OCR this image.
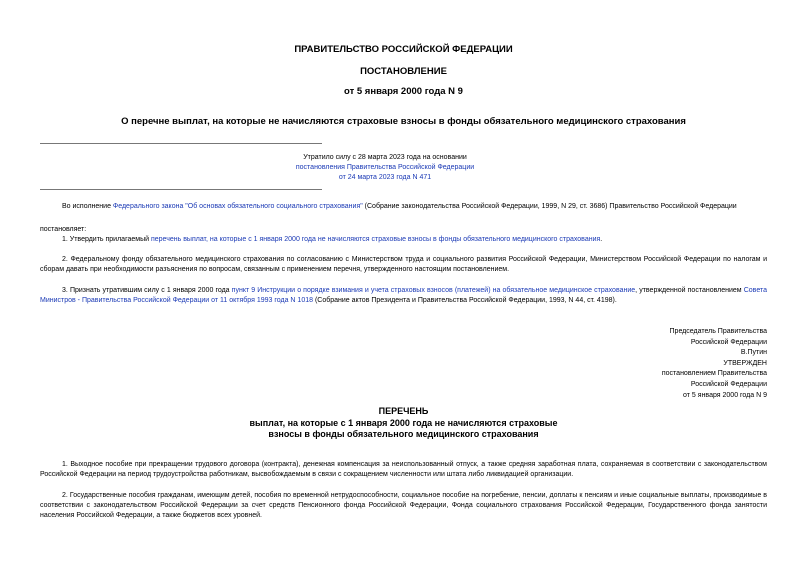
ПРАВИТЕЛЬСТВО РОССИЙСКОЙ ФЕДЕРАЦИИ
ПОСТАНОВЛЕНИЕ
от 5 января 2000 года N 9
О перечне выплат, на которые не начисляются страховые взносы в фонды обязательного медицинского страхования
Утратило силу с 28 марта 2023 года на основании
постановления Правительства Российской Федерации
от 24 марта 2023 года N 471
Во исполнение Федерального закона "Об основах обязательного социального страхования" (Собрание законодательства Российской Федерации, 1999, N 29, ст. 3686) Правительство Российской Федерации
постановляет:
1. Утвердить прилагаемый перечень выплат, на которые с 1 января 2000 года не начисляются страховые взносы в фонды обязательного медицинского страхования.
2. Федеральному фонду обязательного медицинского страхования по согласованию с Министерством труда и социального развития Российской Федерации, Министерством Российской Федерации по налогам и сборам давать при необходимости разъяснения по вопросам, связанным с применением перечня, утвержденного настоящим постановлением.
3. Признать утратившим силу с 1 января 2000 года пункт 9 Инструкции о порядке взимания и учета страховых взносов (платежей) на обязательное медицинское страхование, утвержденной постановлением Совета Министров - Правительства Российской Федерации от 11 октября 1993 года N 1018 (Собрание актов Президента и Правительства Российской Федерации, 1993, N 44, ст. 4198).
Председатель Правительства
Российской Федерации
В.Путин
УТВЕРЖДЕН
постановлением Правительства
Российской Федерации
от 5 января 2000 года N 9
ПЕРЕЧЕНЬ
выплат, на которые с 1 января 2000 года не начисляются страховые
взносы в фонды обязательного медицинского страхования
1. Выходное пособие при прекращении трудового договора (контракта), денежная компенсация за неиспользованный отпуск, а также средняя заработная плата, сохраняемая в соответствии с законодательством Российской Федерации на период трудоустройства работникам, высвобождаемым в связи с сокращением численности или штата либо ликвидацией организации.
2. Государственные пособия гражданам, имеющим детей, пособия по временной нетрудоспособности, социальное пособие на погребение, пенсии, доплаты к пенсиям и иные социальные выплаты, производимые в соответствии с законодательством Российской Федерации за счет средств Пенсионного фонда Российской Федерации, Фонда социального страхования Российской Федерации, Государственного фонда занятости населения Российской Федерации, а также бюджетов всех уровней.
